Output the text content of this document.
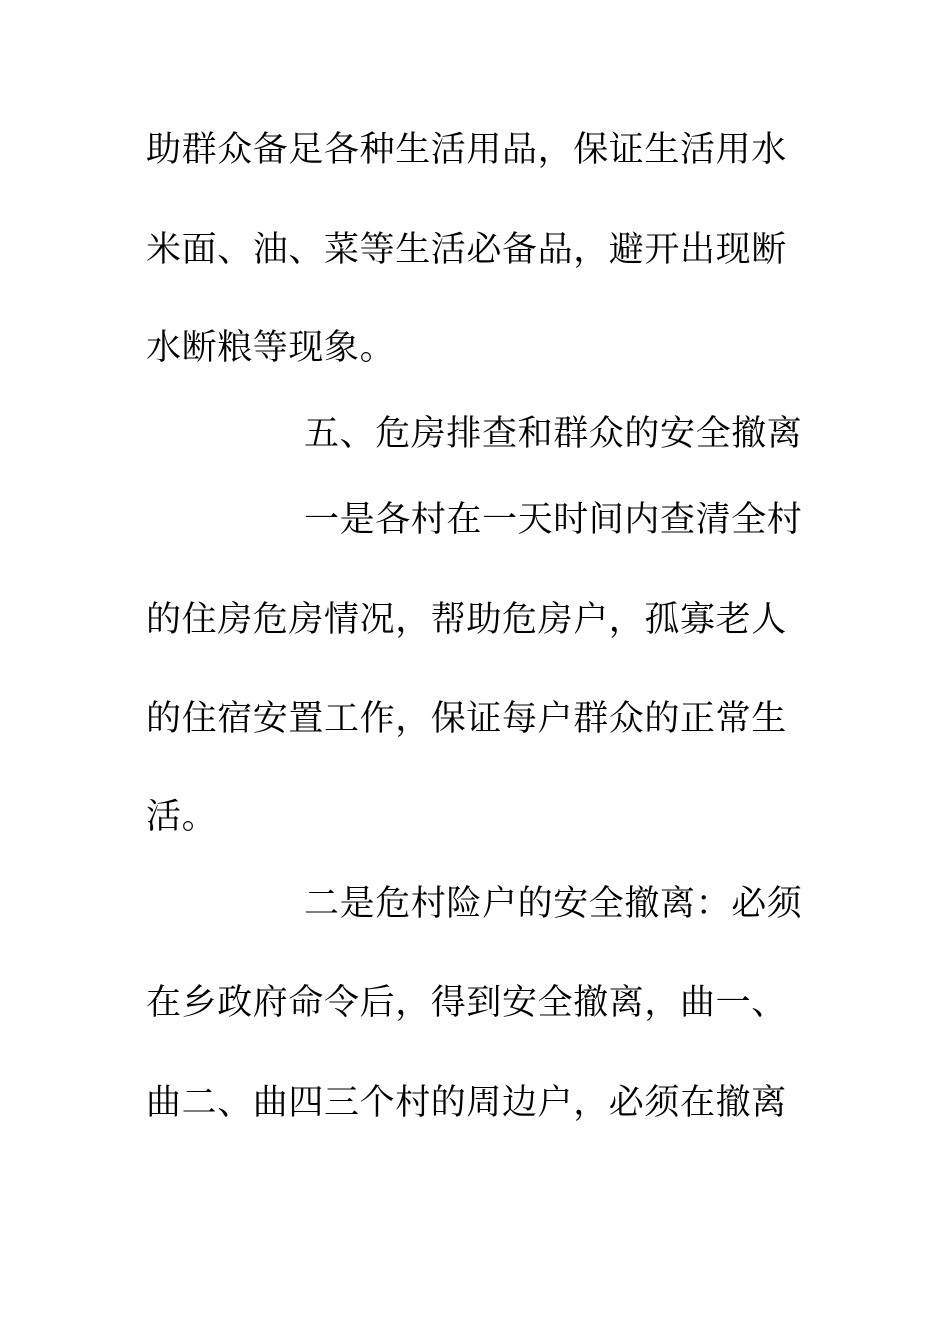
助群众备足各种生活用品，保证生活用水

米面、油、菜等生活必备品，避开出现断

水断粮等现象。

五、危房排查和群众的安全撤离

一是各村在一天时间内查清全村

的住房危房情况，帮助危房户，孤寡老人

的住宿安置工作，保证每户群众的正常生

活。

二是危村险户的安全撤离：必须

在乡政府命令后，得到安全撤离，曲一、

曲二、曲四三个村的周边户，必须在撤离
